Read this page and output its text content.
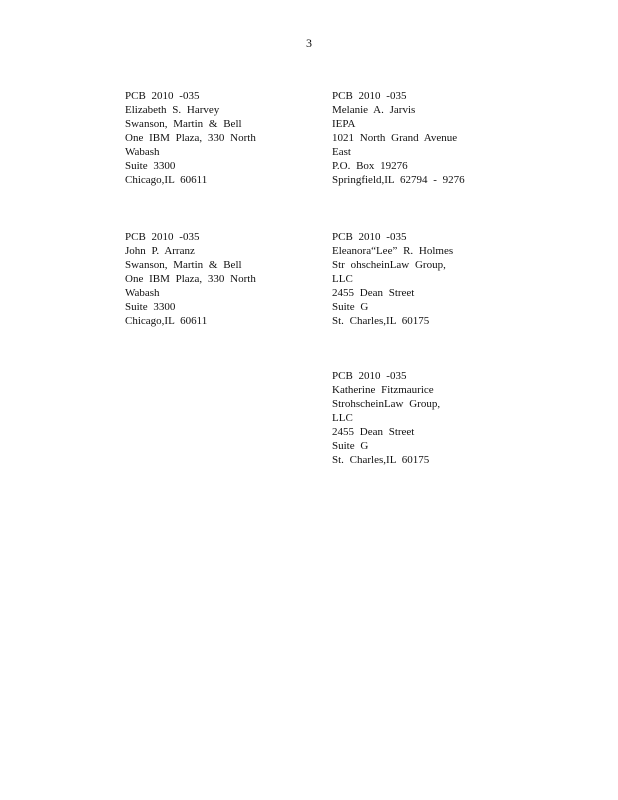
3
PCB 2010 -035
Elizabeth S. Harvey
Swanson, Martin & Bell
One IBM Plaza, 330 North
Wabash
Suite 3300
Chicago,IL 60611
PCB 2010 -035
Melanie A. Jarvis
IEPA
1021 North Grand Avenue
East
P.O. Box 19276
Springfield,IL 62794 - 9276
PCB 2010 -035
John P. Arranz
Swanson, Martin & Bell
One IBM Plaza, 330 North
Wabash
Suite 3300
Chicago,IL 60611
PCB 2010 -035
Eleanora“Lee” R. Holmes
Str ohscheinLaw Group,
LLC
2455 Dean Street
Suite G
St. Charles,IL 60175
PCB 2010 -035
Katherine Fitzmaurice
StrohscheinLaw Group,
LLC
2455 Dean Street
Suite G
St. Charles,IL 60175
